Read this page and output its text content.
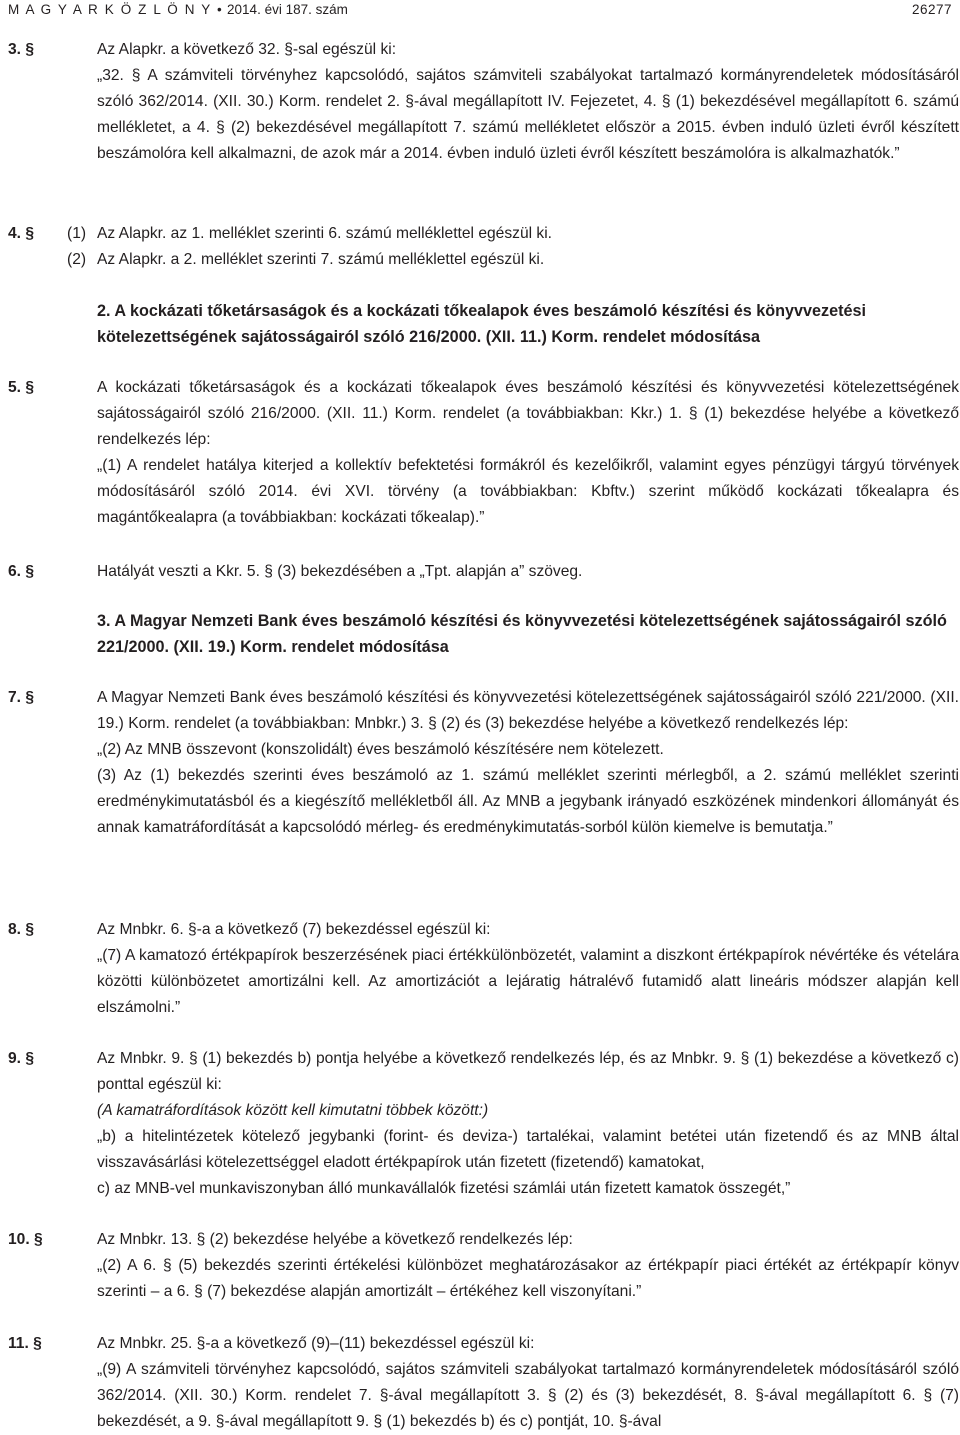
M A G Y A R K Ö Z L Ö N Y • 2014. évi 187. szám	26277
3. §	Az Alapkr. a következő 32. §-sal egészül ki:

„32. § A számviteli törvényhez kapcsolódó, sajátos számviteli szabályokat tartalmazó kormányrendeletek módosításáról szóló 362/2014. (XII. 30.) Korm. rendelet 2. §-ával megállapított IV. Fejezetet, 4. § (1) bekezdésével megállapított 6. számú mellékletet, a 4. § (2) bekezdésével megállapított 7. számú mellékletet először a 2015. évben induló üzleti évről készített beszámolóra kell alkalmazni, de azok már a 2014. évben induló üzleti évről készített beszámolóra is alkalmazhatók.”

4. § (1) Az Alapkr. az 1. melléklet szerinti 6. számú melléklettel egészül ki.
(2) Az Alapkr. a 2. melléklet szerinti 7. számú melléklettel egészül ki.
2. A kockázati tőketársaságok és a kockázati tőkealapok éves beszámoló készítési és könyvvezetési kötelezettségének sajátosságairól szóló 216/2000. (XII. 11.) Korm. rendelet módosítása
5. §	A kockázati tőketársaságok és a kockázati tőkealapok éves beszámoló készítési és könyvvezetési kötelezettségének sajátosságairól szóló 216/2000. (XII. 11.) Korm. rendelet (a továbbiakban: Kkr.) 1. § (1) bekezdése helyébe a következő rendelkezés lép:

„(1) A rendelet hatálya kiterjed a kollektív befektetési formákról és kezelőikről, valamint egyes pénzügyi tárgyú törvények módosításáról szóló 2014. évi XVI. törvény (a továbbiakban: Kbftv.) szerint működő kockázati tőkealapra és magántőkealapra (a továbbiakban: kockázati tőkealap).”

6. §	Hatályát veszti a Kkr. 5. § (3) bekezdésében a „Tpt. alapján a” szöveg.

3. A Magyar Nemzeti Bank éves beszámoló készítési és könyvvezetési kötelezettségének sajátosságairól szóló 221/2000. (XII. 19.) Korm. rendelet módosítása
7. §	A Magyar Nemzeti Bank éves beszámoló készítési és könyvvezetési kötelezettségének sajátosságairól szóló 221/2000. (XII. 19.) Korm. rendelet (a továbbiakban: Mnbkr.) 3. § (2) és (3) bekezdése helyébe a következő rendelkezés lép:

„(2) Az MNB összevont (konszolidált) éves beszámoló készítésére nem kötelezett.

(3) Az (1) bekezdés szerinti éves beszámoló az 1. számú melléklet szerinti mérlegből, a 2. számú melléklet szerinti eredménykimutatásból és a kiegészítő mellékletből áll. Az MNB a jegybank irányadó eszközének mindenkori állományát és annak kamatráfordítását a kapcsolódó mérleg- és eredménykimutatás-sorból külön kiemelve is bemutatja.”

8. §	Az Mnbkr. 6. §-a a következő (7) bekezdéssel egészül ki:

„(7) A kamatozó értékpapírok beszerzésének piaci értékkülönbözetét, valamint a diszkont értékpapírok névértéke és vételára közötti különbözetet amortizálni kell. Az amortizációt a lejáratig hátralévő futamidő alatt lineáris módszer alapján kell elszámolni.”

9. §	Az Mnbkr. 9. § (1) bekezdés b) pontja helyébe a következő rendelkezés lép, és az Mnbkr. 9. § (1) bekezdése a következő c) ponttal egészül ki:

(A kamatráfordítások között kell kimutatni többek között:)

„b) a hitelintézetek kötelező jegybanki (forint- és deviza-) tartalékai, valamint betétei után fizetendő és az MNB által visszavásárlási kötelezettséggel eladott értékpapírok után fizetett (fizetendő) kamatokat,

c) az MNB-vel munkaviszonyban álló munkavállalók fizetési számlái után fizetett kamatok összegét,”

10. §	Az Mnbkr. 13. § (2) bekezdése helyébe a következő rendelkezés lép:

„(2) A 6. § (5) bekezdés szerinti értékelési különbözet meghatározásakor az értékpapír piaci értékét az értékpapír könyv szerinti – a 6. § (7) bekezdése alapján amortizált – értékéhez kell viszonyítani.”

11. §	Az Mnbkr. 25. §-a a következő (9)–(11) bekezdéssel egészül ki:

„(9) A számviteli törvényhez kapcsolódó, sajátos számviteli szabályokat tartalmazó kormányrendeletek módosításáról szóló 362/2014. (XII. 30.) Korm. rendelet 7. §-ával megállapított 3. § (2) és (3) bekezdését, 8. §-ával megállapított 6. § (7) bekezdését, a 9. §-ával megállapított 9. § (1) bekezdés b) és c) pontját, 10. §-ával
